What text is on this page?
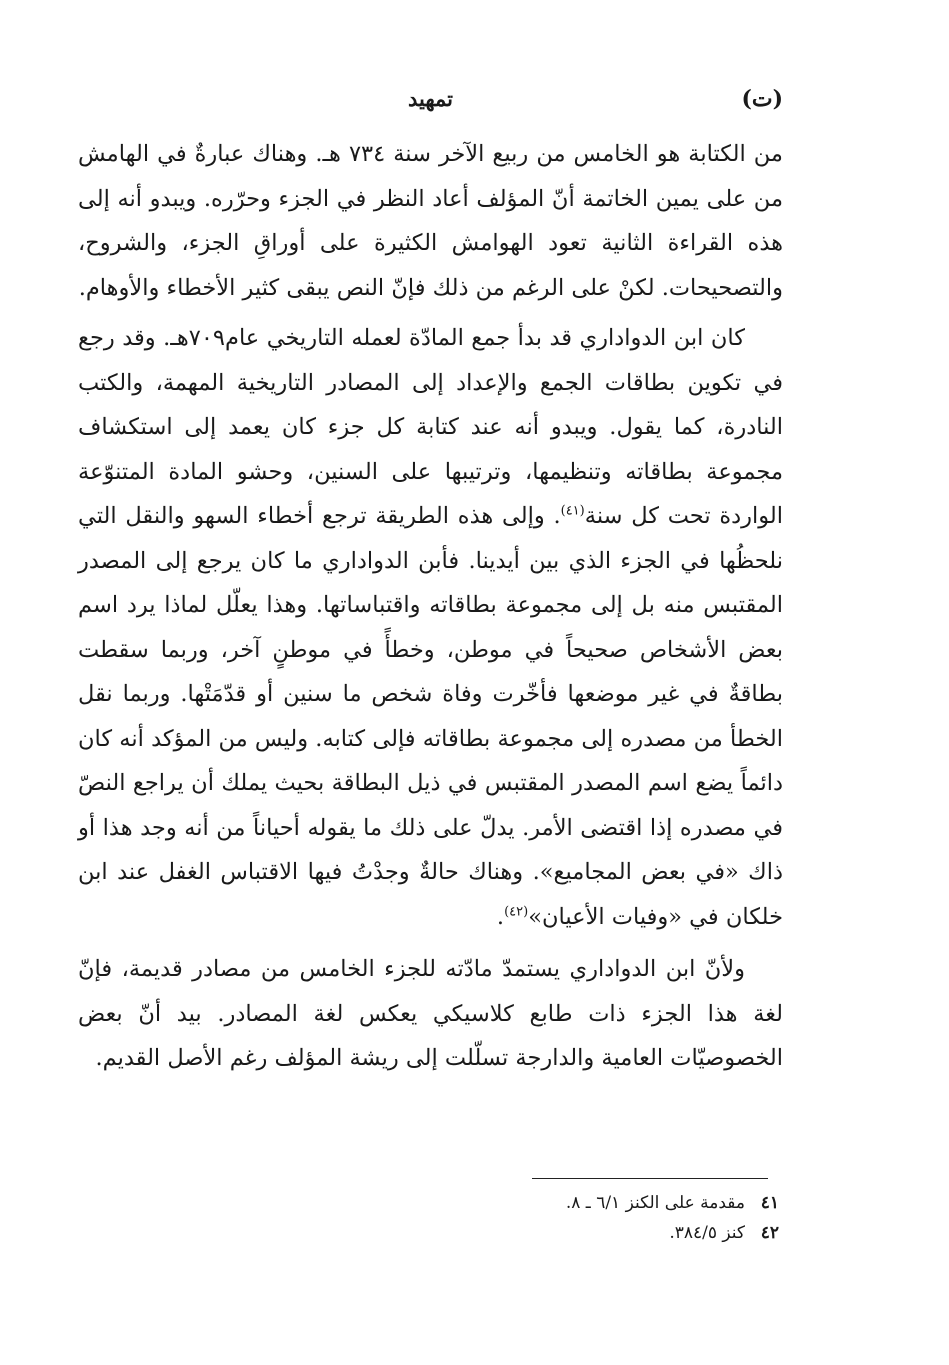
(ت)
تمهيد

من الكتابة هو الخامس من ربيع الآخر سنة ٧٣٤ هـ. وهناك عبارةٌ في الهامش من على يمين الخاتمة أنّ المؤلف أعاد النظر في الجزء وحرّره. ويبدو أنه إلى هذه القراءة الثانية تعود الهوامش الكثيرة على أوراقِ الجزء، والشروح، والتصحيحات. لكنْ على الرغم من ذلك فإنّ النص يبقى كثير الأخطاء والأوهام.

كان ابن الدواداري قد بدأ جمع المادّة لعمله التاريخي عام٧٠٩هـ. وقد رجع في تكوين بطاقات الجمع والإعداد إلى المصادر التاريخية المهمة، والكتب النادرة، كما يقول. ويبدو أنه عند كتابة كل جزء كان يعمد إلى استكشاف مجموعة بطاقاته وتنظيمها، وترتيبها على السنين، وحشو المادة المتنوّعة الواردة تحت كل سنة$^{(٤١)}$. وإلى هذه الطريقة ترجع أخطاء السهو والنقل التي نلحظُها في الجزء الذي بين أيدينا. فأبن الدواداري ما كان يرجع إلى المصدر المقتبس منه بل إلى مجموعة بطاقاته واقتباساتها. وهذا يعلّل لماذا يرد اسم بعض الأشخاص صحيحاً في موطن، وخطأً في موطنٍ آخر، وربما سقطت بطاقةٌ في غير موضعها فأخّرت وفاة شخص ما سنين أو قدّمَتْها. وربما نقل الخطأ من مصدره إلى مجموعة بطاقاته فإلى كتابه. وليس من المؤكد أنه كان دائماً يضع اسم المصدر المقتبس في ذيل البطاقة بحيث يملك أن يراجع النصّ في مصدره إذا اقتضى الأمر. يدلّ على ذلك ما يقوله أحياناً من أنه وجد هذا أو ذاك «في بعض المجاميع». وهناك حالةٌ وجدْتُ فيها الاقتباس الغفل عند ابن خلكان في «وفيات الأعيان»$^{(٤٢)}$.

ولأنّ ابن الدواداري يستمدّ مادّته للجزء الخامس من مصادر قديمة، فإنّ لغة هذا الجزء ذات طابع كلاسيكي يعكس لغة المصادر. بيد أنّ بعض الخصوصيّات العامية والدارجة تسلّلت إلى ريشة المؤلف رغم الأصل القديم.

٤١مقدمة على الكنز ٦/١ ـ ٨.
٤٢كنز ٣٨٤/٥.
